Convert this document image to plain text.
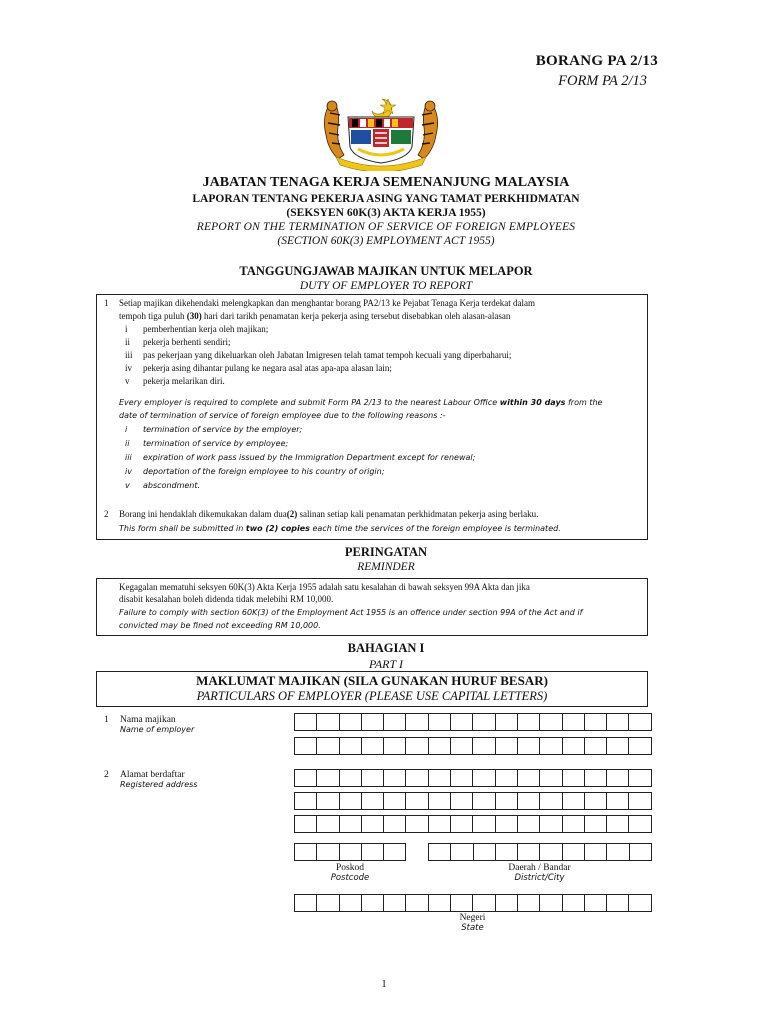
BORANG PA 2/13
FORM PA 2/13
JABATAN TENAGA KERJA SEMENANJUNG MALAYSIA
LAPORAN TENTANG PEKERJA ASING YANG TAMAT PERKHIDMATAN
(SEKSYEN 60K(3) AKTA KERJA 1955)
REPORT ON THE TERMINATION OF SERVICE OF FOREIGN EMPLOYEES
(SECTION 60K(3) EMPLOYMENT ACT 1955)
TANGGUNGJAWAB MAJIKAN UNTUK MELAPOR
DUTY OF EMPLOYER TO REPORT
1 Setiap majikan dikehendaki melengkapkan dan menghantar borang PA2/13 ke Pejabat Tenaga Kerja terdekat dalam
tempoh tiga puluh (30) hari dari tarikh penamatan kerja pekerja asing tersebut disebabkan oleh alasan-alasan
i	pemberhentian kerja oleh majikan;
ii	pekerja berhenti sendiri;
iii	pas pekerjaan yang dikeluarkan oleh Jabatan Imigresen telah tamat tempoh kecuali yang diperbaharui;
iv	pekerja asing dihantar pulang ke negara asal atas apa-apa alasan lain;
v	pekerja melarikan diri.
Every employer is required to complete and submit Form PA 2/13 to the nearest Labour Office within 30 days from the
date of termination of service of foreign employee due to the following reasons :-
i	termination of service by the employer;
ii	termination of service by employee;
iii	expiration of work pass issued by the Immigration Department except for renewal;
iv	deportation of the foreign employee to his country of origin;
v	abscondment.
2 Borang ini hendaklah dikemukakan dalam dua(2) salinan setiap kali penamatan perkhidmatan pekerja asing berlaku.
This form shall be submitted in two (2) copies each time the services of the foreign employee is terminated.
PERINGATAN
REMINDER
Kegagalan mematuhi seksyen 60K(3) Akta Kerja 1955 adalah satu kesalahan di bawah seksyen 99A Akta dan jika
disabit kesalahan boleh didenda tidak melebihi RM 10,000.
Failure to comply with section 60K(3) of the Employment Act 1955 is an offence under section 99A of the Act and if
convicted may be fined not exceeding RM 10,000.
BAHAGIAN I
PART I
MAKLUMAT MAJIKAN (SILA GUNAKAN HURUF BESAR)
PARTICULARS OF EMPLOYER (PLEASE USE CAPITAL LETTERS)
1 Nama majikan
Name of employer
2 Alamat berdaftar
Registered address
Poskod
Postcode
Daerah / Bandar
District/City
Negeri
State
1
